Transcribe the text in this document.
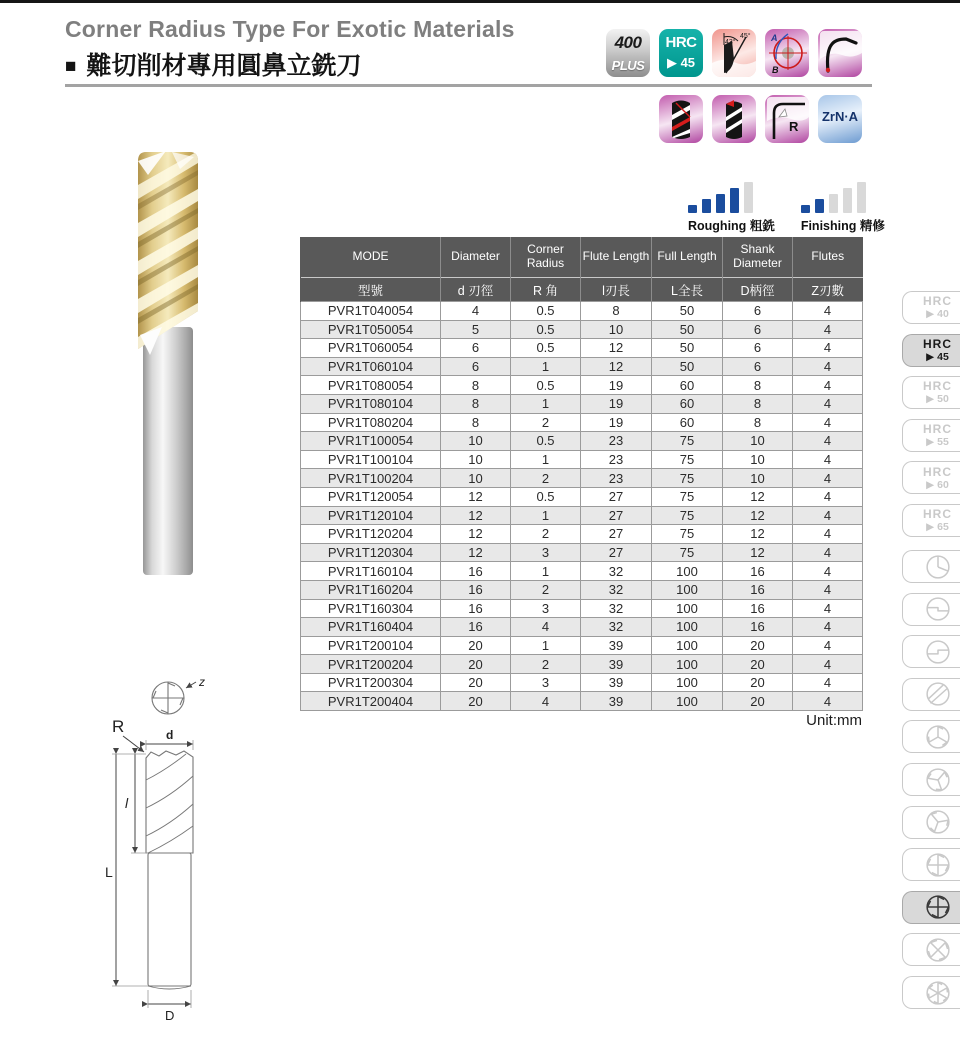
Corner Radius Type For Exotic Materials
■ 難切削材專用圓鼻立銑刀
400
PLUS
HRC
▶ 45
43°
45° A
B
R
ZrN·A
Roughing 粗銑 Finishing 精修
MODE	Diameter	Corner Radius	Flute Length	Full Length	Shank Diameter	Flutes
型號	d 刃徑	R 角	l刃長	L全長	D柄徑	Z刃數
PVR1T040054	4	0.5	8	50	6	4
PVR1T050054	5	0.5	10	50	6	4
PVR1T060054	6	0.5	12	50	6	4
PVR1T060104	6	1	12	50	6	4
PVR1T080054	8	0.5	19	60	8	4
PVR1T080104	8	1	19	60	8	4
PVR1T080204	8	2	19	60	8	4
PVR1T100054	10	0.5	23	75	10	4
PVR1T100104	10	1	23	75	10	4
PVR1T100204	10	2	23	75	10	4
PVR1T120054	12	0.5	27	75	12	4
PVR1T120104	12	1	27	75	12	4
PVR1T120204	12	2	27	75	12	4
PVR1T120304	12	3	27	75	12	4
PVR1T160104	16	1	32	100	16	4
PVR1T160204	16	2	32	100	16	4
PVR1T160304	16	3	32	100	16	4
PVR1T160404	16	4	32	100	16	4
PVR1T200104	20	1	39	100	20	4
PVR1T200204	20	2	39	100	20	4
PVR1T200304	20	3	39	100	20	4
PVR1T200404	20	4	39	100	20	4
Unit:mm
HRC
▶ 40
HRC
▶ 45
HRC
▶ 50
HRC
▶ 55
HRC
▶ 60
HRC
▶ 65
z
R	d
l
L
D
